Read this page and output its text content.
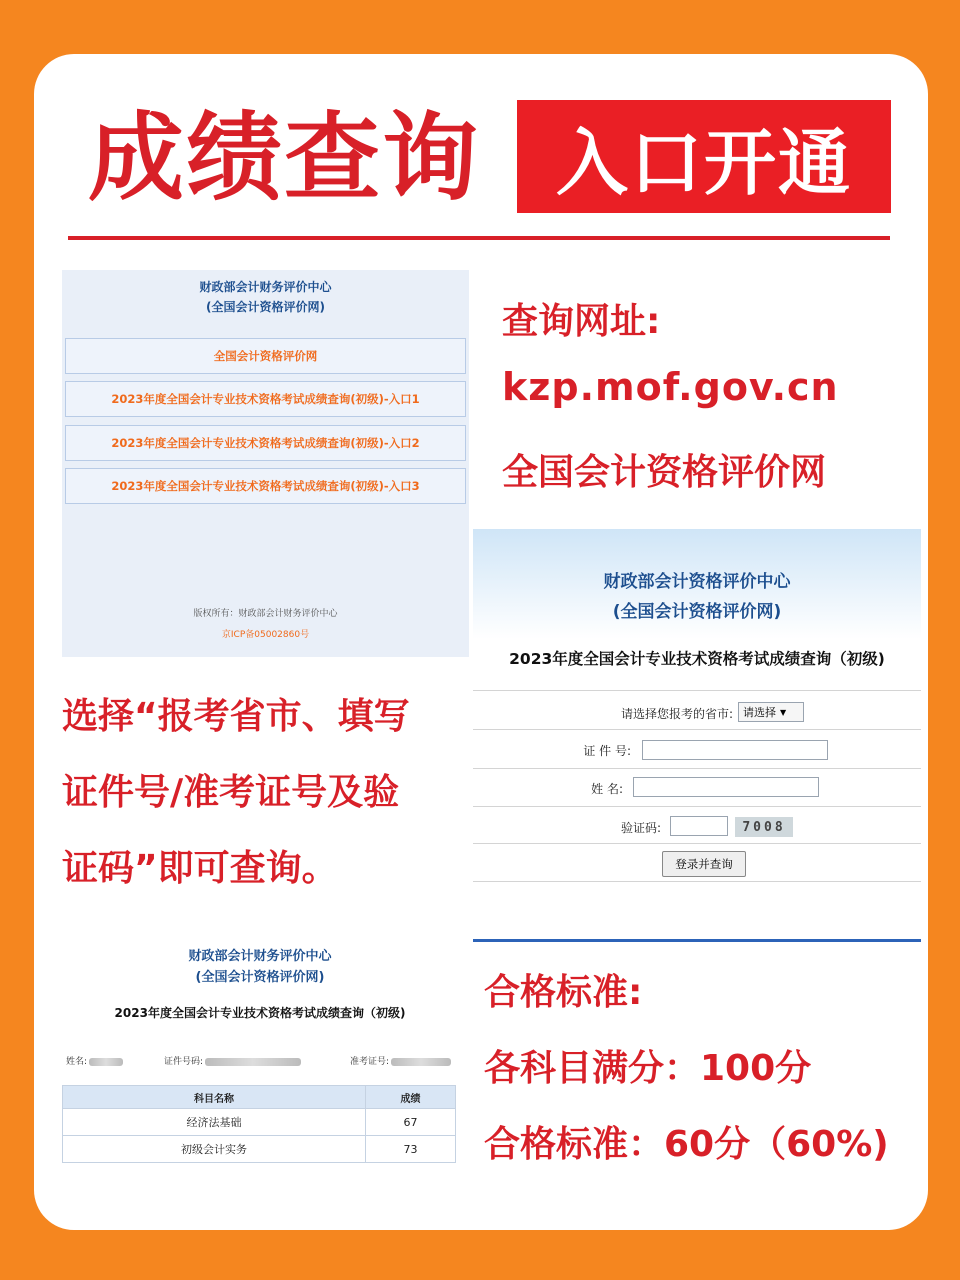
成绩查询	入口开通
财政部会计财务评价中心
(全国会计资格评价网)
全国会计资格评价网
2023年度全国会计专业技术资格考试成绩查询(初级)-入口1
2023年度全国会计专业技术资格考试成绩查询(初级)-入口2
2023年度全国会计专业技术资格考试成绩查询(初级)-入口3
版权所有：财政部会计财务评价中心
京ICP备05002860号
查询网址:
kzp.mof.gov.cn
全国会计资格评价网
财政部会计资格评价中心
(全国会计资格评价网)
2023年度全国会计专业技术资格考试成绩查询（初级)
请选择您报考的省市: 请选择 ▼
证 件 号:
姓 名:
验证码:	7008
登录并查询
选择“报考省市、填写
证件号/准考证号及验
证码”即可查询。
财政部会计财务评价中心
(全国会计资格评价网)
2023年度全国会计专业技术资格考试成绩查询（初级)
姓名:	证件号码:	准考证号:
科目名称	成绩
经济法基础	67
初级会计实务	73
合格标准:
各科目满分：100分
合格标准：60分（60%)
